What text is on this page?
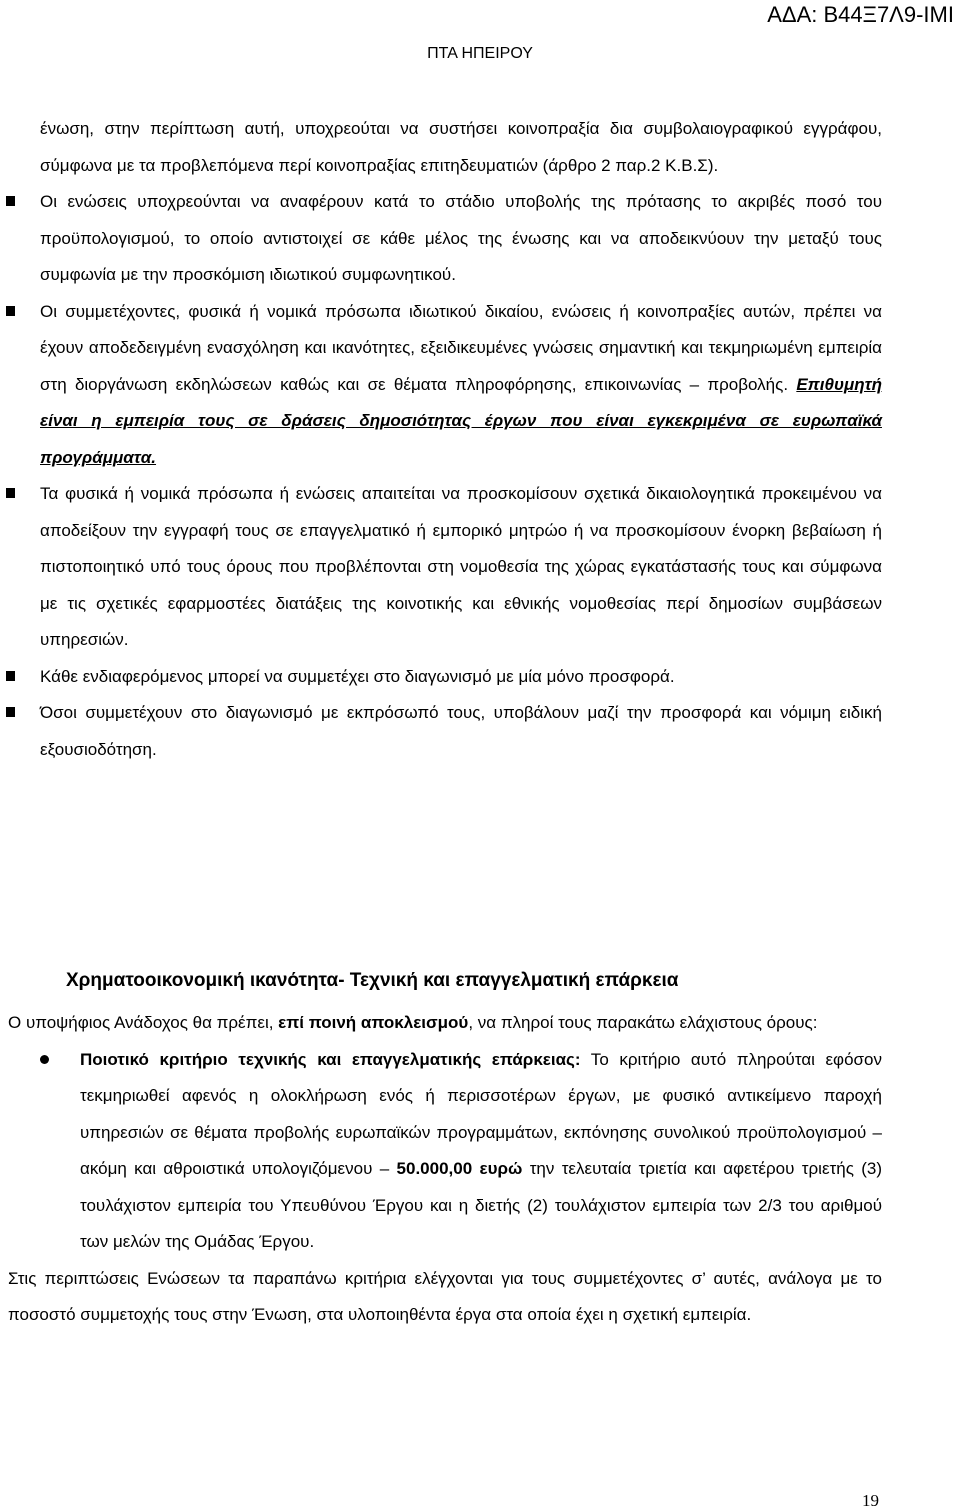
ΑΔΑ: Β44Ξ7Λ9-ΙΜΙ
ΠΤΑ ΗΠΕΙΡΟΥ

ένωση, στην περίπτωση αυτή, υποχρεούται να συστήσει κοινοπραξία δια συμβολαιογραφικού εγγράφου, σύμφωνα με τα προβλεπόμενα περί κοινοπραξίας επιτηδευματιών (άρθρο 2 παρ.2 Κ.Β.Σ).

Οι ενώσεις υποχρεούνται να αναφέρουν κατά το στάδιο υποβολής της πρότασης το ακριβές ποσό του προϋπολογισμού, το οποίο αντιστοιχεί σε κάθε μέλος της ένωσης και να αποδεικνύουν την μεταξύ τους συμφωνία με την προσκόμιση ιδιωτικού συμφωνητικού.
Οι συμμετέχοντες, φυσικά ή νομικά πρόσωπα ιδιωτικού δικαίου, ενώσεις ή κοινοπραξίες αυτών, πρέπει να έχουν αποδεδειγμένη ενασχόληση και ικανότητες, εξειδικευμένες γνώσεις σημαντική και τεκμηριωμένη εμπειρία στη διοργάνωση εκδηλώσεων καθώς και σε θέματα πληροφόρησης, επικοινωνίας – προβολής. Επιθυμητή είναι η εμπειρία τους σε δράσεις δημοσιότητας έργων που είναι εγκεκριμένα σε ευρωπαϊκά προγράμματα.
Τα φυσικά ή νομικά πρόσωπα ή ενώσεις απαιτείται να προσκομίσουν σχετικά δικαιολογητικά προκειμένου να αποδείξουν την εγγραφή τους σε επαγγελματικό ή εμπορικό μητρώο ή να προσκομίσουν ένορκη βεβαίωση ή πιστοποιητικό υπό τους όρους που προβλέπονται στη νομοθεσία της χώρας εγκατάστασής τους και σύμφωνα με τις σχετικές εφαρμοστέες διατάξεις της κοινοτικής και εθνικής νομοθεσίας περί δημοσίων συμβάσεων υπηρεσιών.
Κάθε ενδιαφερόμενος μπορεί να συμμετέχει στο διαγωνισμό με μία μόνο προσφορά.
Όσοι συμμετέχουν στο διαγωνισμό με εκπρόσωπό τους, υποβάλουν μαζί την προσφορά και νόμιμη ειδική εξουσιοδότηση.
Χρηματοοικονομική ικανότητα- Τεχνική και επαγγελματική επάρκεια

Ο υποψήφιος Ανάδοχος θα πρέπει, επί ποινή αποκλεισμού, να πληροί τους παρακάτω ελάχιστους όρους:

Ποιοτικό κριτήριο τεχνικής και επαγγελματικής επάρκειας: Το κριτήριο αυτό πληρούται εφόσον τεκμηριωθεί αφενός η ολοκλήρωση ενός ή περισσοτέρων έργων, με φυσικό αντικείμενο παροχή υπηρεσιών σε θέματα προβολής ευρωπαϊκών προγραμμάτων, εκπόνησης συνολικού προϋπολογισμού – ακόμη και αθροιστικά υπολογιζόμενου – 50.000,00 ευρώ την τελευταία τριετία και αφετέρου τριετής (3) τουλάχιστον εμπειρία του Υπευθύνου Έργου και η διετής (2) τουλάχιστον εμπειρία των 2/3 του αριθμού των μελών της Ομάδας Έργου.

Στις περιπτώσεις Ενώσεων τα παραπάνω κριτήρια ελέγχονται για τους συμμετέχοντες σ’ αυτές, ανάλογα με το ποσοστό συμμετοχής τους στην Ένωση, στα υλοποιηθέντα έργα στα οποία έχει η σχετική εμπειρία.

19
